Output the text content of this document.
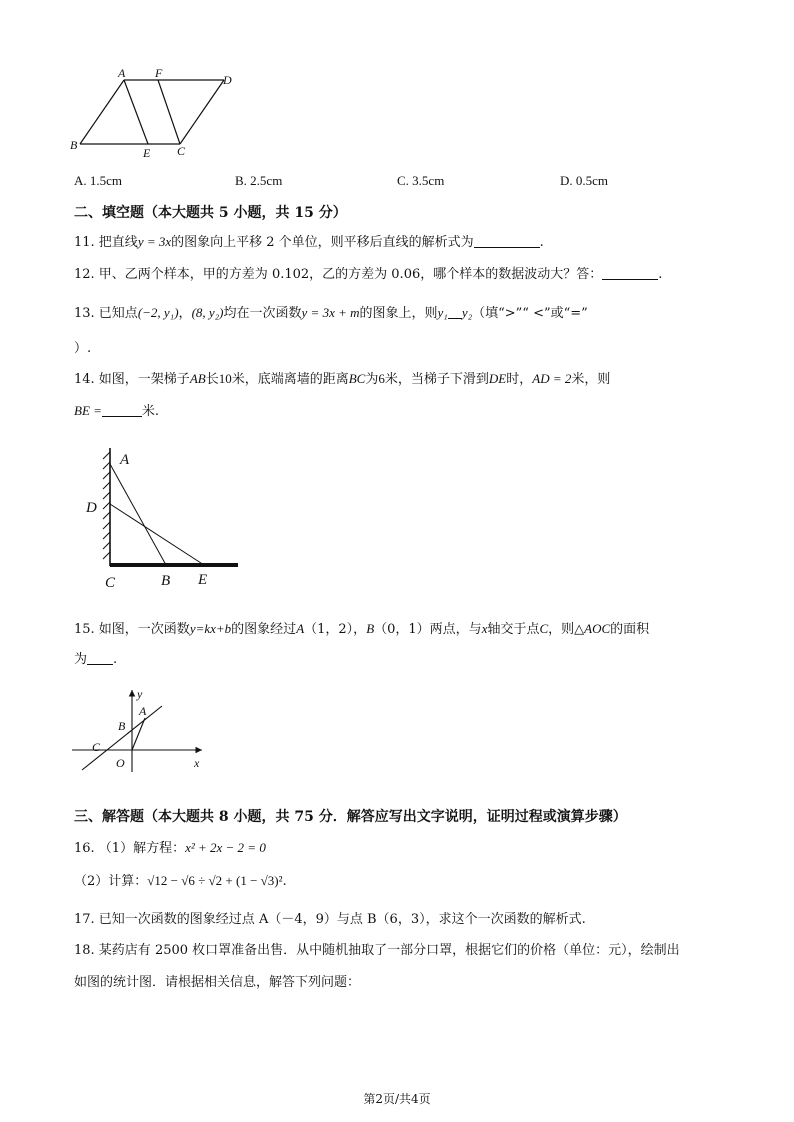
A F	D
B
E C
A. 1.5cm	B. 2.5cm	C. 3.5cm	D. 0.5cm
二、填空题（本大题共 5 小题，共 15 分）
11. 把直线y = 3x的图象向上平移 2 个单位，则平移后直线的解析式为	.
12. 甲、乙两个样本，甲的方差为 0.102，乙的方差为 0.06，哪个样本的数据波动大？答：	.
13. 已知点(−2, y₁)，(8, y₂)均在一次函数y = 3x + m的图象上，则y₁ y₂（填“>”“ <”或“=”
）.
14. 如图，一架梯子AB长10米，底端离墙的距离BC为6米，当梯子下滑到DE时，AD = 2米，则
BE =	米.
A
D
C	B E
15. 如图，一次函数y=kx+b的图象经过A（1，2），B（0，1）两点，与x轴交于点C，则△AOC的面积
为 .
y
A
B
C
O	x
三、解答题（本大题共 8 小题，共 75 分．解答应写出文字说明，证明过程或演算步骤）
16. （1）解方程：x² + 2x − 2 = 0
（2）计算：√12 − √6 ÷ √2 + (1 − √3)².
17. 已知一次函数的图象经过点 A（－4，9）与点 B（6，3），求这个一次函数的解析式.
18. 某药店有 2500 枚口罩准备出售．从中随机抽取了一部分口罩，根据它们的价格（单位：元），绘制出
如图的统计图．请根据相关信息，解答下列问题：
第2页/共4页
